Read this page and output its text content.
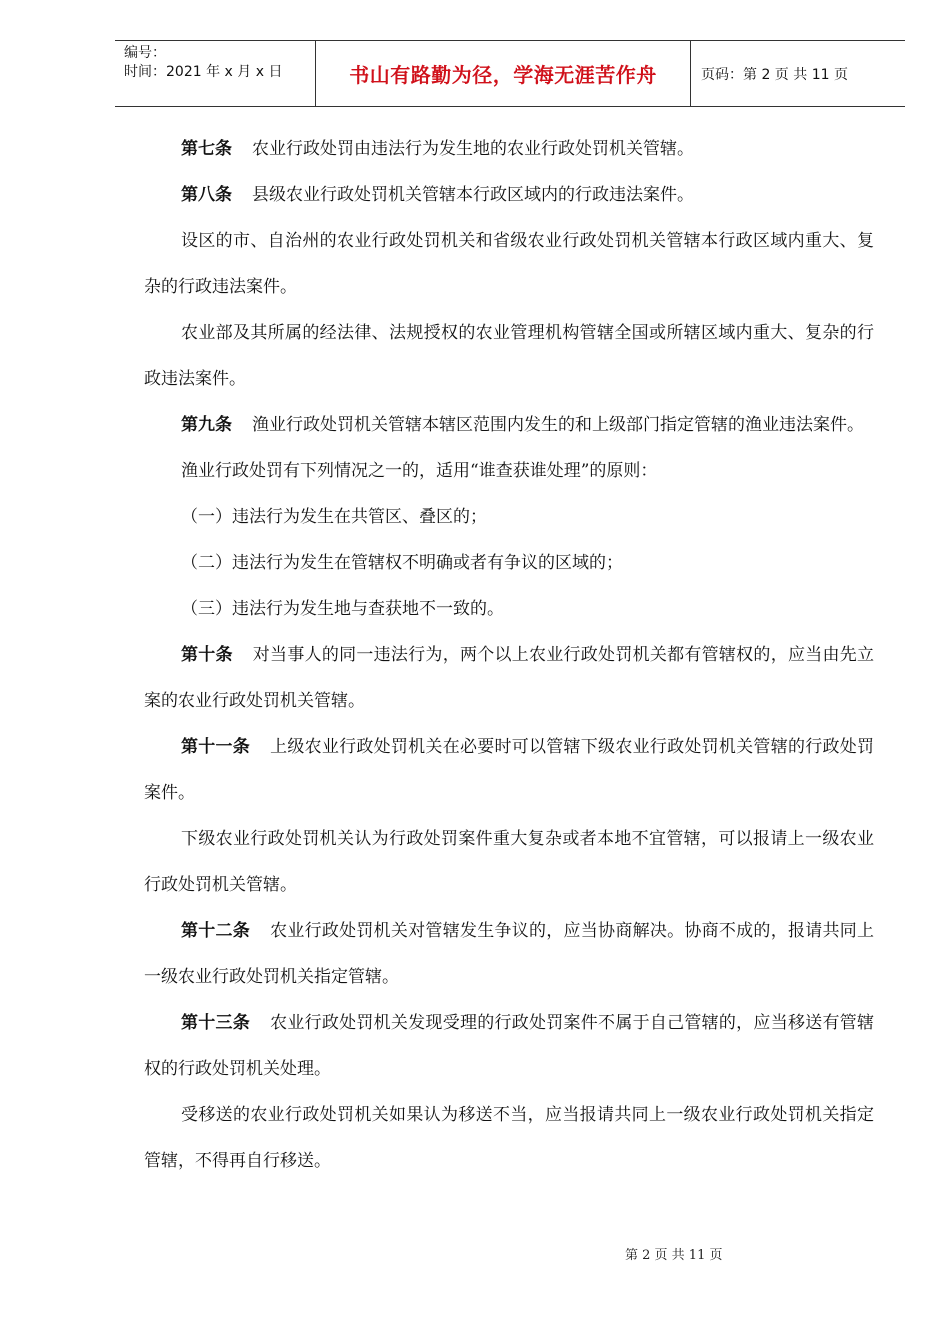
编号：
时间：2021 年 x 月 x 日	书山有路勤为径，学海无涯苦作舟	页码：第 2 页 共 11 页

第七条 农业行政处罚由违法行为发生地的农业行政处罚机关管辖。

第八条 县级农业行政处罚机关管辖本行政区域内的行政违法案件。

设区的市、自治州的农业行政处罚机关和省级农业行政处罚机关管辖本行政区域内重大、复杂的行政违法案件。

农业部及其所属的经法律、法规授权的农业管理机构管辖全国或所辖区域内重大、复杂的行政违法案件。

第九条 渔业行政处罚机关管辖本辖区范围内发生的和上级部门指定管辖的渔业违法案件。

渔业行政处罚有下列情况之一的，适用“谁查获谁处理”的原则：

（一）违法行为发生在共管区、叠区的；

（二）违法行为发生在管辖权不明确或者有争议的区域的；

（三）违法行为发生地与查获地不一致的。

第十条 对当事人的同一违法行为，两个以上农业行政处罚机关都有管辖权的，应当由先立案的农业行政处罚机关管辖。

第十一条 上级农业行政处罚机关在必要时可以管辖下级农业行政处罚机关管辖的行政处罚案件。

下级农业行政处罚机关认为行政处罚案件重大复杂或者本地不宜管辖，可以报请上一级农业行政处罚机关管辖。

第十二条 农业行政处罚机关对管辖发生争议的，应当协商解决。协商不成的，报请共同上一级农业行政处罚机关指定管辖。

第十三条 农业行政处罚机关发现受理的行政处罚案件不属于自己管辖的，应当移送有管辖权的行政处罚机关处理。

受移送的农业行政处罚机关如果认为移送不当，应当报请共同上一级农业行政处罚机关指定管辖，不得再自行移送。

第 2 页 共 11 页
